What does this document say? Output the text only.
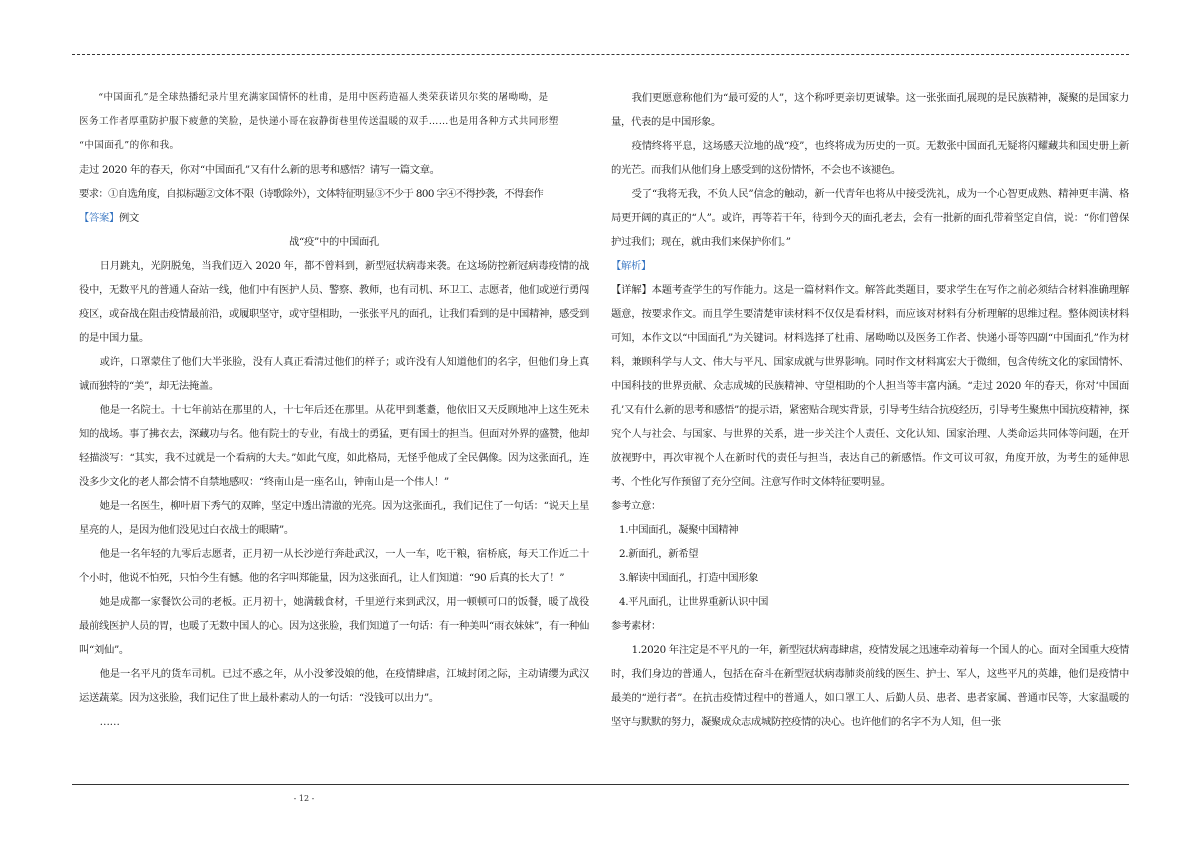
“中国面孔”是全球热播纪录片里充满家国情怀的杜甫，是用中医药造福人类荣获诺贝尔奖的屠呦呦，是

医务工作者厚重防护服下疲惫的笑脸，是快递小哥在寂静街巷里传送温暖的双手……也是用各种方式共同形塑

“中国面孔”的你和我。

走过 2020 年的春天，你对“中国面孔”又有什么新的思考和感悟？请写一篇文章。

要求：①自选角度，自拟标题②文体不限（诗歌除外），文体特征明显③不少于 800 字④不得抄袭，不得套作

【答案】例文

战“疫”中的中国面孔

日月跳丸，光阴脱兔，当我们迈入 2020 年，都不曾料到，新型冠状病毒来袭。在这场防控新冠病毒疫情的战役中，无数平凡的普通人奋站一线，他们中有医护人员、警察、教师，也有司机、环卫工、志愿者，他们或逆行勇闯疫区，或奋战在阻击疫情最前沿，或履职坚守，或守望相助，一张张平凡的面孔，让我们看到的是中国精神，感受到的是中国力量。

或许，口罩蒙住了他们大半张脸，没有人真正看清过他们的样子；或许没有人知道他们的名字，但他们身上真诚而独特的“美”，却无法掩盖。

他是一名院士。十七年前站在那里的人，十七年后还在那里。从花甲到耄耋，他依旧又天反顾地冲上这生死未知的战场。事了拂衣去，深藏功与名。他有院士的专业，有战士的勇猛，更有国士的担当。但面对外界的盛赞，他却轻描淡写：“其实，我不过就是一个看病的大夫。”如此气度，如此格局，无怪乎他成了全民偶像。因为这张面孔，连没多少文化的老人都会情不自禁地感叹：“终南山是一座名山，钟南山是一个伟人！”

她是一名医生，柳叶眉下秀气的双眸，坚定中透出清澈的光亮。因为这张面孔，我们记住了一句话：“说天上星星亮的人，是因为他们没见过白衣战士的眼睛”。

他是一名年轻的九零后志愿者，正月初一从长沙逆行奔赴武汉，一人一车，吃干粮，宿桥底，每天工作近二十个小时，他说不怕死，只怕今生有憾。他的名字叫郑能量，因为这张面孔，让人们知道：“90 后真的长大了！”

她是成都一家餐饮公司的老板。正月初十，她满载食材，千里逆行来到武汉，用一顿顿可口的饭餐，暖了战役最前线医护人员的胃，也暖了无数中国人的心。因为这张脸，我们知道了一句话：有一种美叫“雨衣妹妹”，有一种仙叫“刘仙”。

他是一名平凡的货车司机。已过不惑之年，从小没爹没娘的他，在疫情肆虐，江城封闭之际，主动请缨为武汉运送蔬菜。因为这张脸，我们记住了世上最朴素动人的一句话：“没钱可以出力”。

……

我们更愿意称他们为“最可爱的人”，这个称呼更亲切更诚挚。这一张张面孔展现的是民族精神，凝聚的是国家力量，代表的是中国形象。

疫情终将平息，这场感天泣地的战“疫”，也终将成为历史的一页。无数张中国面孔无疑将闪耀藏共和国史册上新的光芒。而我们从他们身上感受到的这份情怀，不会也不该褪色。

受了“我将无我，不负人民”信念的触动，新一代青年也将从中接受洗礼，成为一个心智更成熟、精神更丰满、格局更开阔的真正的“人”。或许，再等若干年，待到今天的面孔老去，会有一批新的面孔带着坚定自信，说：“你们曾保护过我们；现在，就由我们来保护你们。”

【解析】

【详解】本题考查学生的写作能力。这是一篇材料作文。解答此类题目，要求学生在写作之前必须结合材料准确理解题意，按要求作文。而且学生要清楚审读材料不仅仅是看材料，而应该对材料有分析理解的思维过程。整体阅读材料可知，本作文以“中国面孔”为关键词。材料选择了杜甫、屠呦呦以及医务工作者、快递小哥等四副“中国面孔”作为材料，兼顾科学与人文、伟大与平凡、国家成就与世界影响。同时作文材料寓宏大于微细，包含传统文化的家国情怀、中国科技的世界贡献、众志成城的民族精神、守望相助的个人担当等丰富内涵。“走过 2020 年的春天，你对‘中国面孔’又有什么新的思考和感悟”的提示语，紧密贴合现实背景，引导考生结合抗疫经历，引导考生聚焦中国抗疫精神，探究个人与社会、与国家、与世界的关系，进一步关注个人责任、文化认知、国家治理、人类命运共同体等问题，在开放视野中，再次审视个人在新时代的责任与担当，表达自己的新感悟。作文可议可叙，角度开放，为考生的延伸思考、个性化写作预留了充分空间。注意写作时文体特征要明显。

参考立意：

1.中国面孔，凝聚中国精神

2.新面孔，新希望

3.解读中国面孔，打造中国形象

4.平凡面孔，让世界重新认识中国

参考素材：

1.2020 年注定是不平凡的一年，新型冠状病毒肆虐，疫情发展之迅速牵动着每一个国人的心。面对全国重大疫情时，我们身边的普通人，包括在奋斗在新型冠状病毒肺炎前线的医生、护士、军人，这些平凡的英雄，他们是疫情中最美的“逆行者”。在抗击疫情过程中的普通人，如口罩工人、后勤人员、患者、患者家属、普通市民等，大家温暖的坚守与默默的努力，凝聚成众志成城防控疫情的决心。也许他们的名字不为人知，但一张

- 12 -
